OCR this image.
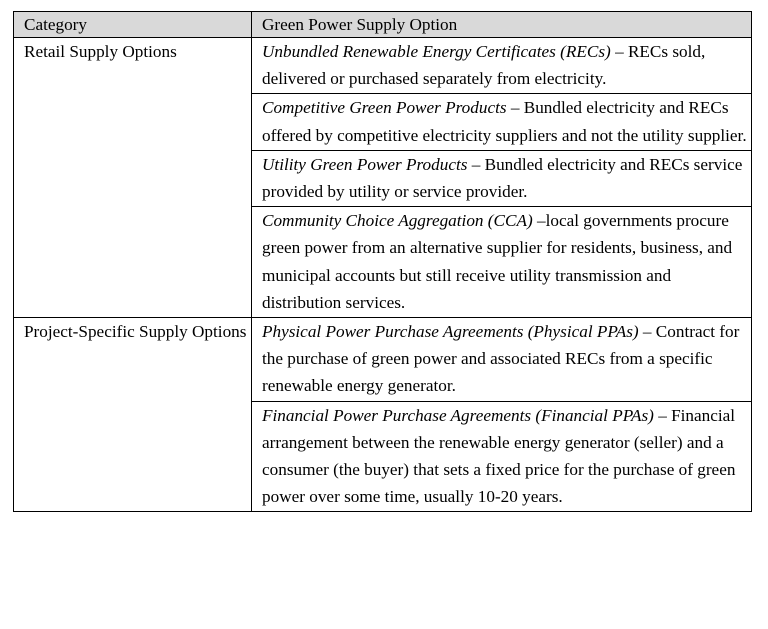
Category	Green Power Supply Option
Retail Supply Options	Unbundled Renewable Energy Certificates (RECs) – RECs sold, delivered or purchased separately from electricity.
	Competitive Green Power Products – Bundled electricity and RECs offered by competitive electricity suppliers and not the utility supplier.
	Utility Green Power Products – Bundled electricity and RECs service provided by utility or service provider.
	Community Choice Aggregation (CCA) –local governments procure green power from an alternative supplier for residents, business, and municipal accounts but still receive utility transmission and distribution services.
Project-Specific Supply Options	Physical Power Purchase Agreements (Physical PPAs) – Contract for the purchase of green power and associated RECs from a specific renewable energy generator.
	Financial Power Purchase Agreements (Financial PPAs) – Financial arrangement between the renewable energy generator (seller) and a consumer (the buyer) that sets a fixed price for the purchase of green power over some time, usually 10-20 years.
